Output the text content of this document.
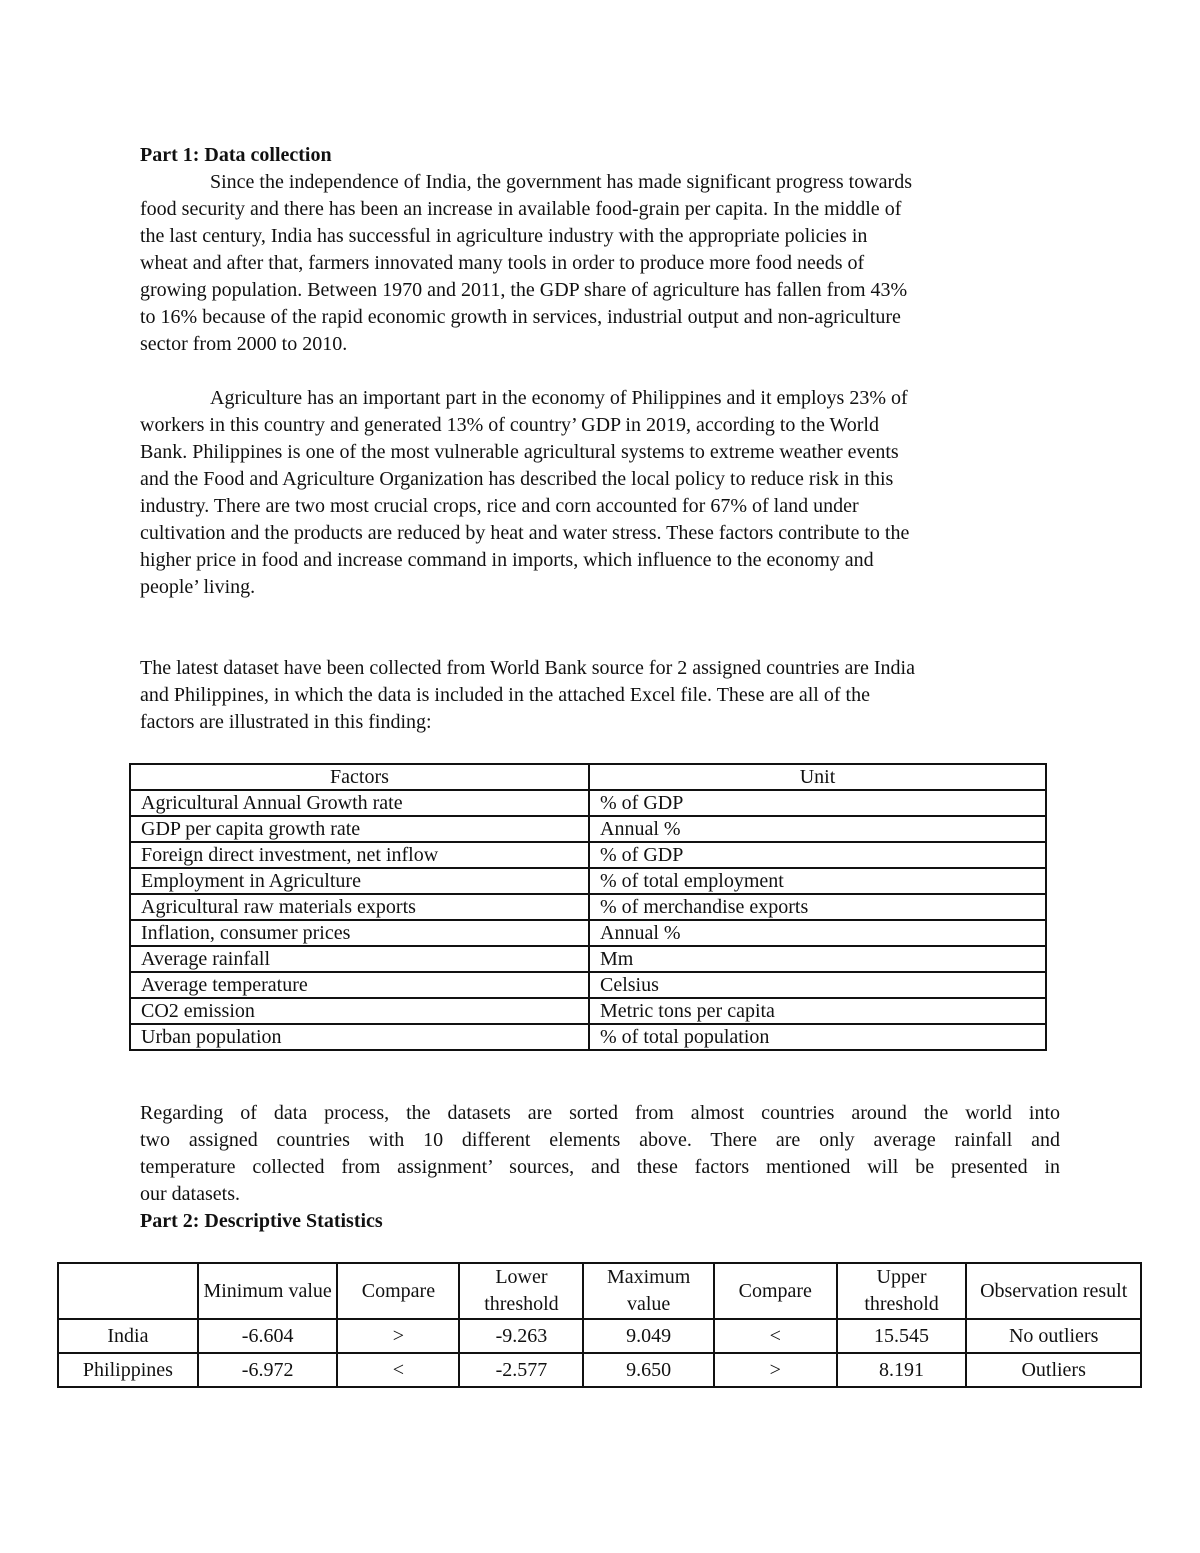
Part 1: Data collection
Since the independence of India, the government has made significant progress towards
food security and there has been an increase in available food-grain per capita. In the middle of
the last century, India has successful in agriculture industry with the appropriate policies in
wheat and after that, farmers innovated many tools in order to produce more food needs of
growing population. Between 1970 and 2011, the GDP share of agriculture has fallen from 43%
to 16% because of the rapid economic growth in services, industrial output and non-agriculture
sector from 2000 to 2010.
Agriculture has an important part in the economy of Philippines and it employs 23% of
workers in this country and generated 13% of country’ GDP in 2019, according to the World
Bank. Philippines is one of the most vulnerable agricultural systems to extreme weather events
and the Food and Agriculture Organization has described the local policy to reduce risk in this
industry. There are two most crucial crops, rice and corn accounted for 67% of land under
cultivation and the products are reduced by heat and water stress. These factors contribute to the
higher price in food and increase command in imports, which influence to the economy and
people’ living.
The latest dataset have been collected from World Bank source for 2 assigned countries are India
and Philippines, in which the data is included in the attached Excel file. These are all of the
factors are illustrated in this finding:
Factors	Unit
Agricultural Annual Growth rate	% of GDP
GDP per capita growth rate	Annual %
Foreign direct investment, net inflow	% of GDP
Employment in Agriculture	% of total employment
Agricultural raw materials exports	% of merchandise exports
Inflation, consumer prices	Annual %
Average rainfall	Mm
Average temperature	Celsius
CO2 emission	Metric tons per capita
Urban population	% of total population
Regarding of data process, the datasets are sorted from almost countries around the world into
two assigned countries with 10 different elements above. There are only average rainfall and
temperature collected from assignment’ sources, and these factors mentioned will be presented in
our datasets.
Part 2: Descriptive Statistics
	Minimum value	Compare	Lower threshold	Maximum value	Compare	Upper threshold	Observation result
India	-6.604	>	-9.263	9.049	<	15.545	No outliers
Philippines	-6.972	<	-2.577	9.650	>	8.191	Outliers
